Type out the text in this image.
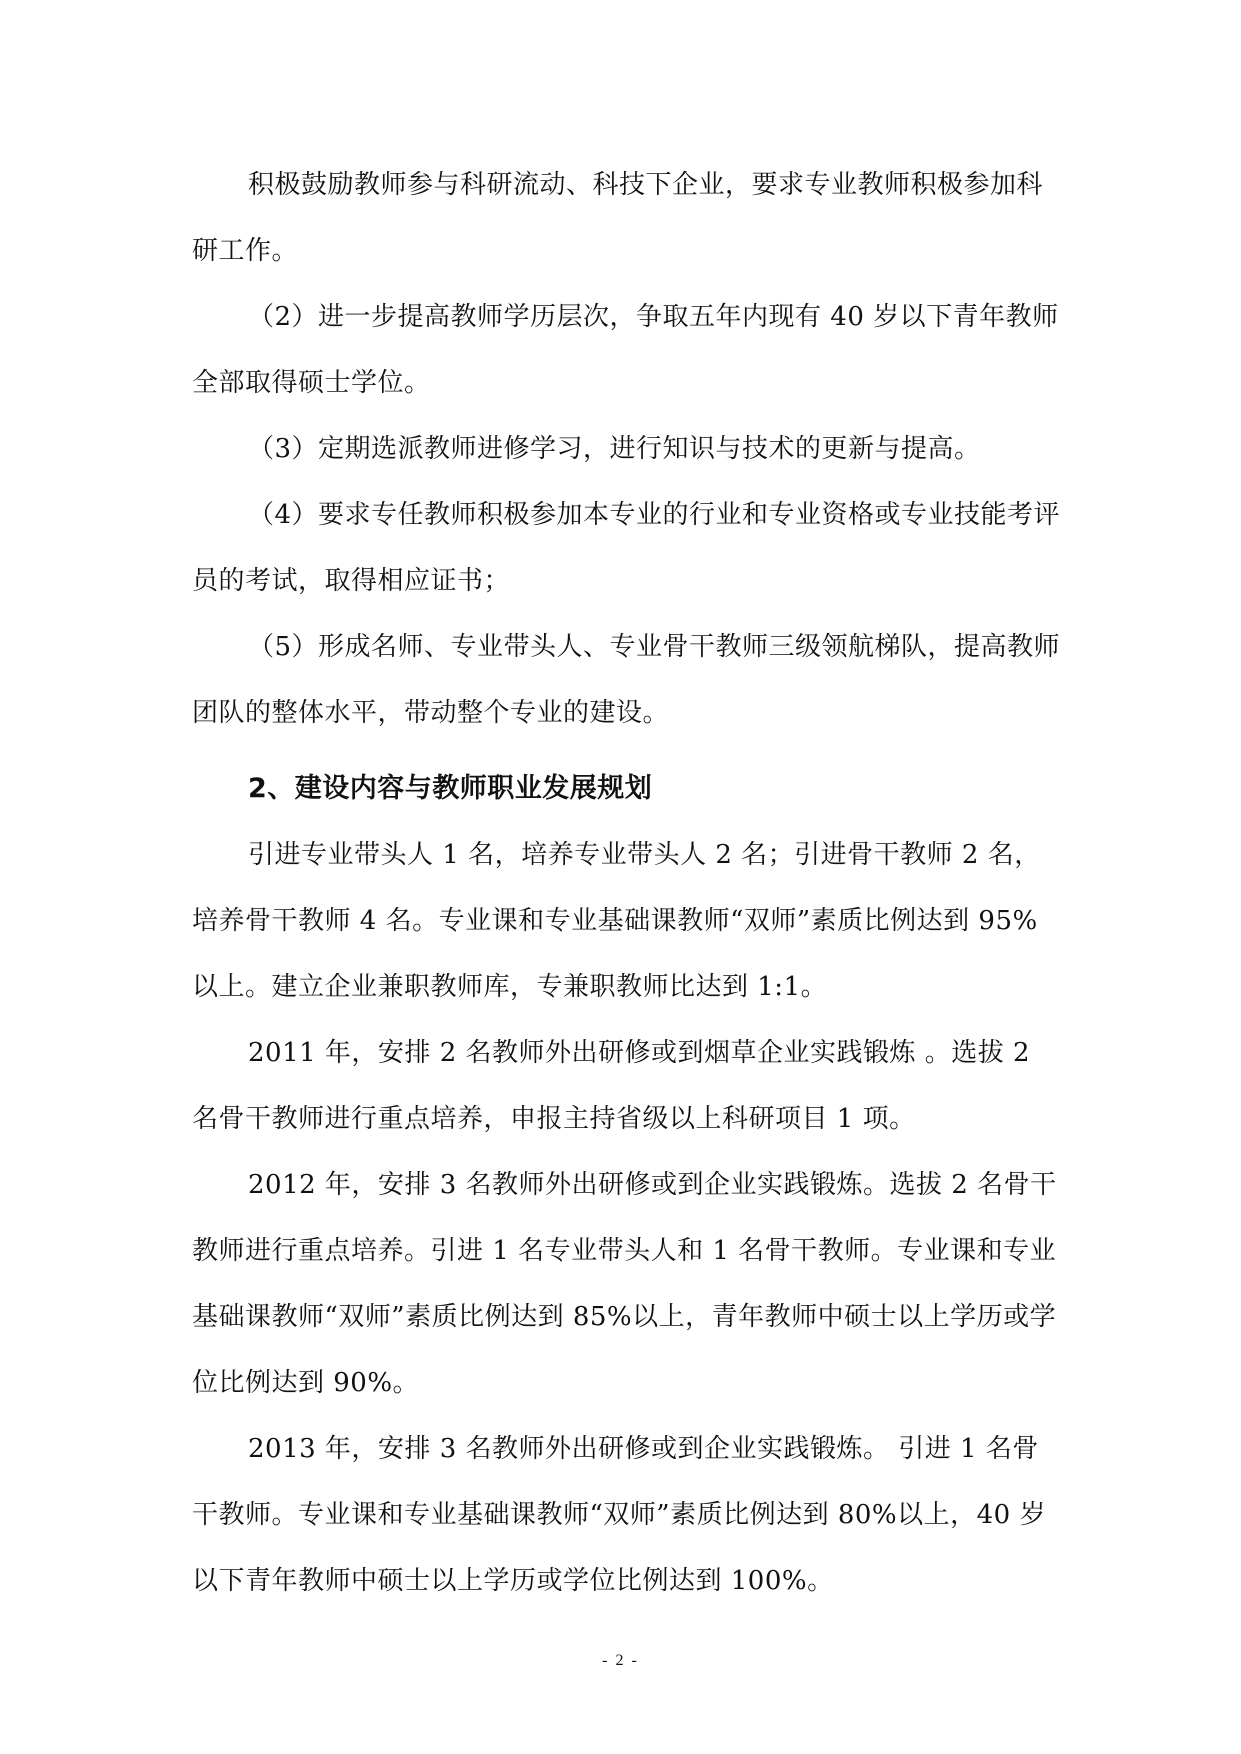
积极鼓励教师参与科研流动、科技下企业，要求专业教师积极参加科研工作。

（2）进一步提高教师学历层次，争取五年内现有 40 岁以下青年教师全部取得硕士学位。

（3）定期选派教师进修学习，进行知识与技术的更新与提高。

（4）要求专任教师积极参加本专业的行业和专业资格或专业技能考评员的考试，取得相应证书；

（5）形成名师、专业带头人、专业骨干教师三级领航梯队，提高教师团队的整体水平，带动整个专业的建设。

2、建设内容与教师职业发展规划

引进专业带头人 1 名，培养专业带头人 2 名；引进骨干教师 2 名，培养骨干教师 4 名。专业课和专业基础课教师“双师”素质比例达到 95%以上。建立企业兼职教师库，专兼职教师比达到 1:1。

2011 年，安排 2 名教师外出研修或到烟草企业实践锻炼 。选拔 2 名骨干教师进行重点培养，申报主持省级以上科研项目 1 项。

2012 年，安排 3 名教师外出研修或到企业实践锻炼。选拔 2 名骨干教师进行重点培养。引进 1 名专业带头人和 1 名骨干教师。专业课和专业基础课教师“双师”素质比例达到 85%以上，青年教师中硕士以上学历或学位比例达到 90%。

2013 年，安排 3 名教师外出研修或到企业实践锻炼。 引进 1 名骨干教师。专业课和专业基础课教师“双师”素质比例达到 80%以上，40 岁以下青年教师中硕士以上学历或学位比例达到 100%。

- 2 -
